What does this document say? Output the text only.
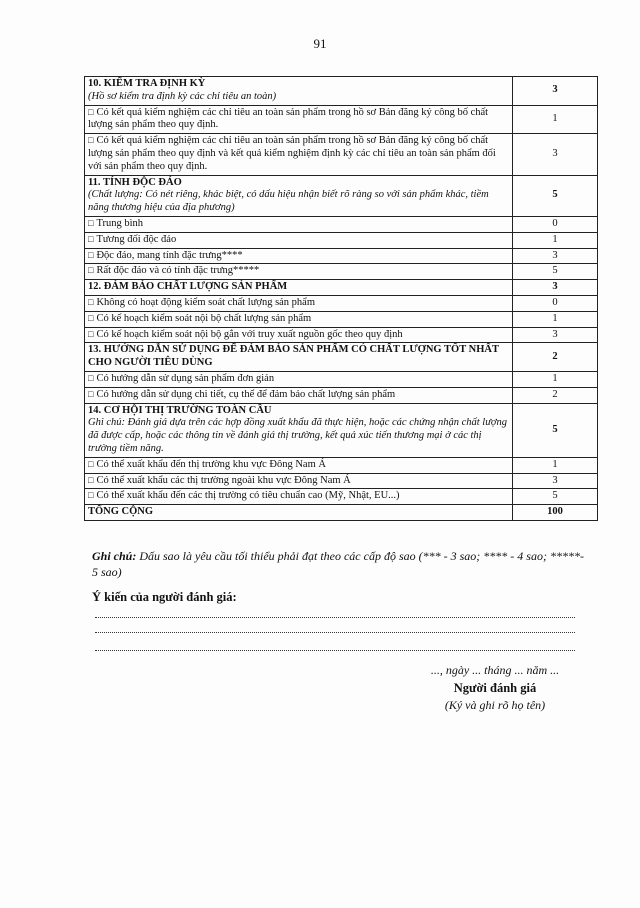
91
10. KIỂM TRA ĐỊNH KỲ
(Hồ sơ kiểm tra định kỳ các chỉ tiêu an toàn)	3
□ Có kết quả kiểm nghiệm các chỉ tiêu an toàn sản phẩm trong hồ sơ Bản đăng ký công bố chất lượng sản phẩm theo quy định.	1
□ Có kết quả kiểm nghiệm các chỉ tiêu an toàn sản phẩm trong hồ sơ Bản đăng ký công bố chất lượng sản phẩm theo quy định và kết quả kiểm nghiệm định kỳ các chỉ tiêu an toàn sản phẩm đối với sản phẩm theo quy định.	3

11. TÍNH ĐỘC ĐÁO
(Chất lượng: Có nét riêng, khác biệt, có dấu hiệu nhận biết rõ ràng so với sản phẩm khác, tiềm năng thương hiệu của địa phương)	5
□ Trung bình	0
□ Tương đối độc đáo	1
□ Độc đáo, mang tính đặc trưng****	3
□ Rất độc đáo và có tính đặc trưng*****	5

12. ĐẢM BẢO CHẤT LƯỢNG SẢN PHẨM	3
□ Không có hoạt động kiểm soát chất lượng sản phẩm	0
□ Có kế hoạch kiểm soát nội bộ chất lượng sản phẩm	1
□ Có kế hoạch kiểm soát nội bộ gắn với truy xuất nguồn gốc theo quy định	3

13. HƯỚNG DẪN SỬ DỤNG ĐỂ ĐẢM BẢO SẢN PHẨM CÓ CHẤT LƯỢNG TỐT NHẤT CHO NGƯỜI TIÊU DÙNG	2
□ Có hướng dẫn sử dụng sản phẩm đơn giản	1
□ Có hướng dẫn sử dụng chi tiết, cụ thể để đảm bảo chất lượng sản phẩm	2

14. CƠ HỘI THỊ TRƯỜNG TOÀN CẦU
Ghi chú: Đánh giá dựa trên các hợp đồng xuất khẩu đã thực hiện, hoặc các chứng nhận chất lượng đã được cấp, hoặc các thông tin về đánh giá thị trường, kết quả xúc tiến thương mại ở các thị trường tiềm năng.	5
□ Có thể xuất khẩu đến thị trường khu vực Đông Nam Á	1
□ Có thể xuất khẩu các thị trường ngoài khu vực Đông Nam Á	3
□ Có thể xuất khẩu đến các thị trường có tiêu chuẩn cao (Mỹ, Nhật, EU...)	5
TỔNG CỘNG	100
Ghi chú: Dấu sao là yêu cầu tối thiểu phải đạt theo các cấp độ sao (*** - 3 sao; **** - 4 sao; *****- 5 sao)
Ý kiến của người đánh giá:
..., ngày ... tháng ... năm ...
Người đánh giá
(Ký và ghi rõ họ tên)
